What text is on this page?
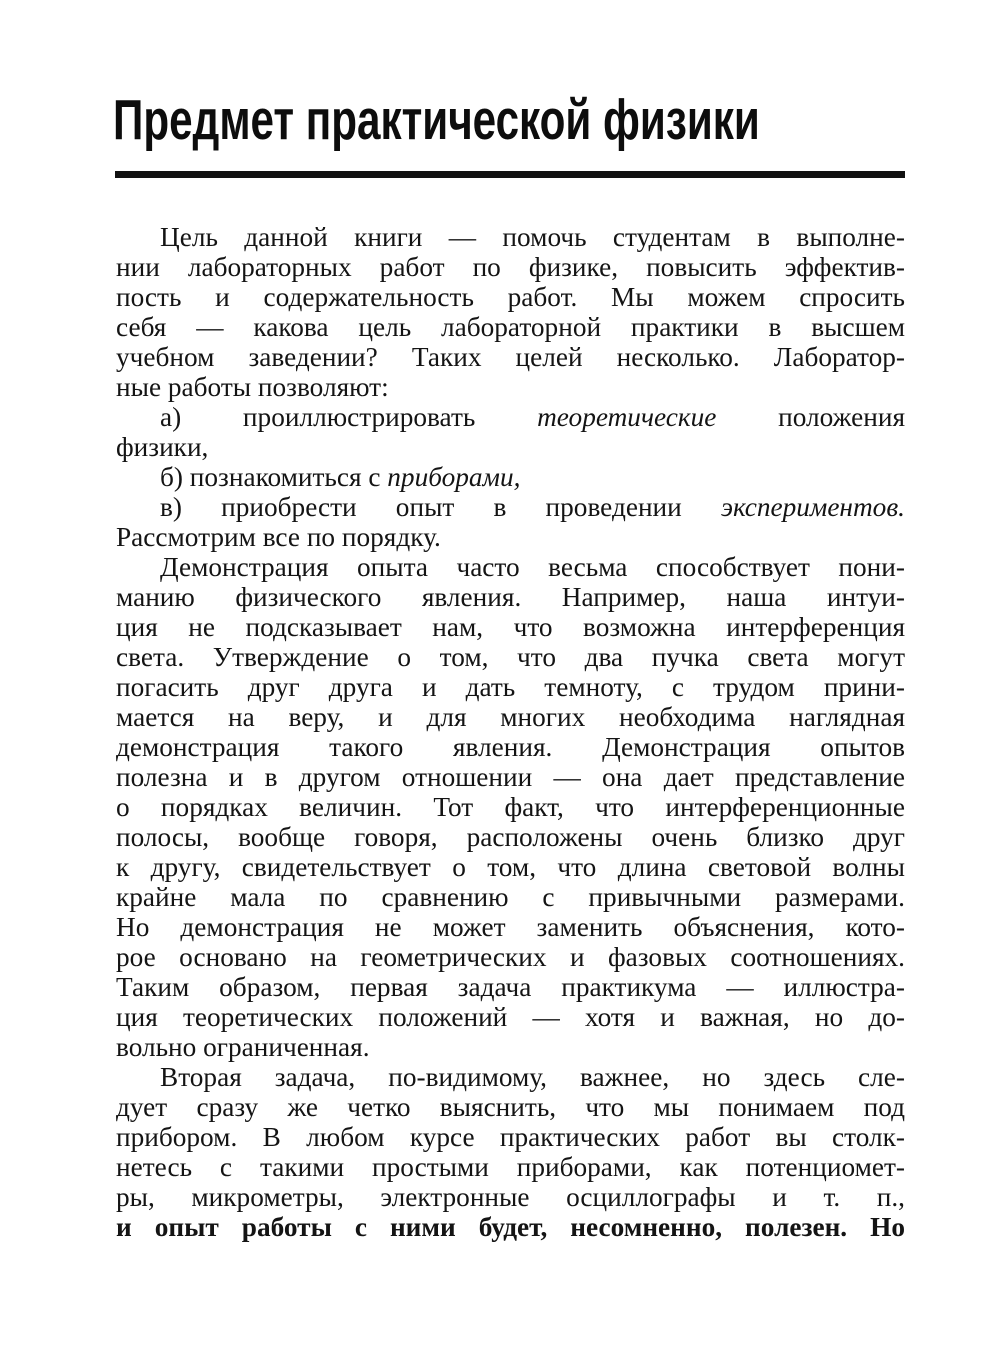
Предмет практической физики
Цель данной книги — помочь студентам в выполне-
нии лабораторных работ по физике, повысить эффектив-
пость и содержательность работ. Мы можем спросить
себя — какова цель лабораторной практики в высшем
учебном заведении? Таких целей несколько. Лаборатор-
ные работы позволяют:
а) проиллюстрировать теоретические положения
физики,
б) познакомиться с приборами,
в) приобрести опыт в проведении экспериментов.
Рассмотрим все по порядку.
Демонстрация опыта часто весьма способствует пони-
манию физического явления. Например, наша интуи-
ция не подсказывает нам, что возможна интерференция
света. Утверждение о том, что два пучка света могут
погасить друг друга и дать темноту, с трудом прини-
мается на веру, и для многих необходима наглядная
демонстрация такого явления. Демонстрация опытов
полезна и в другом отношении — она дает представление
о порядках величин. Тот факт, что интерференционные
полосы, вообще говоря, расположены очень близко друг
к другу, свидетельствует о том, что длина световой волны
крайне мала по сравнению с привычными размерами.
Но демонстрация не может заменить объяснения, кото-
рое основано на геометрических и фазовых соотношениях.
Таким образом, первая задача практикума — иллюстра-
ция теоретических положений — хотя и важная, но до-
вольно ограниченная.
Вторая задача, по-видимому, важнее, но здесь сле-
дует сразу же четко выяснить, что мы понимаем под
прибором. В любом курсе практических работ вы столк-
нетесь с такими простыми приборами, как потенциомет-
ры, микрометры, электронные осциллографы и т. п.,
и опыт работы с ними будет, несомненно, полезен. Но
